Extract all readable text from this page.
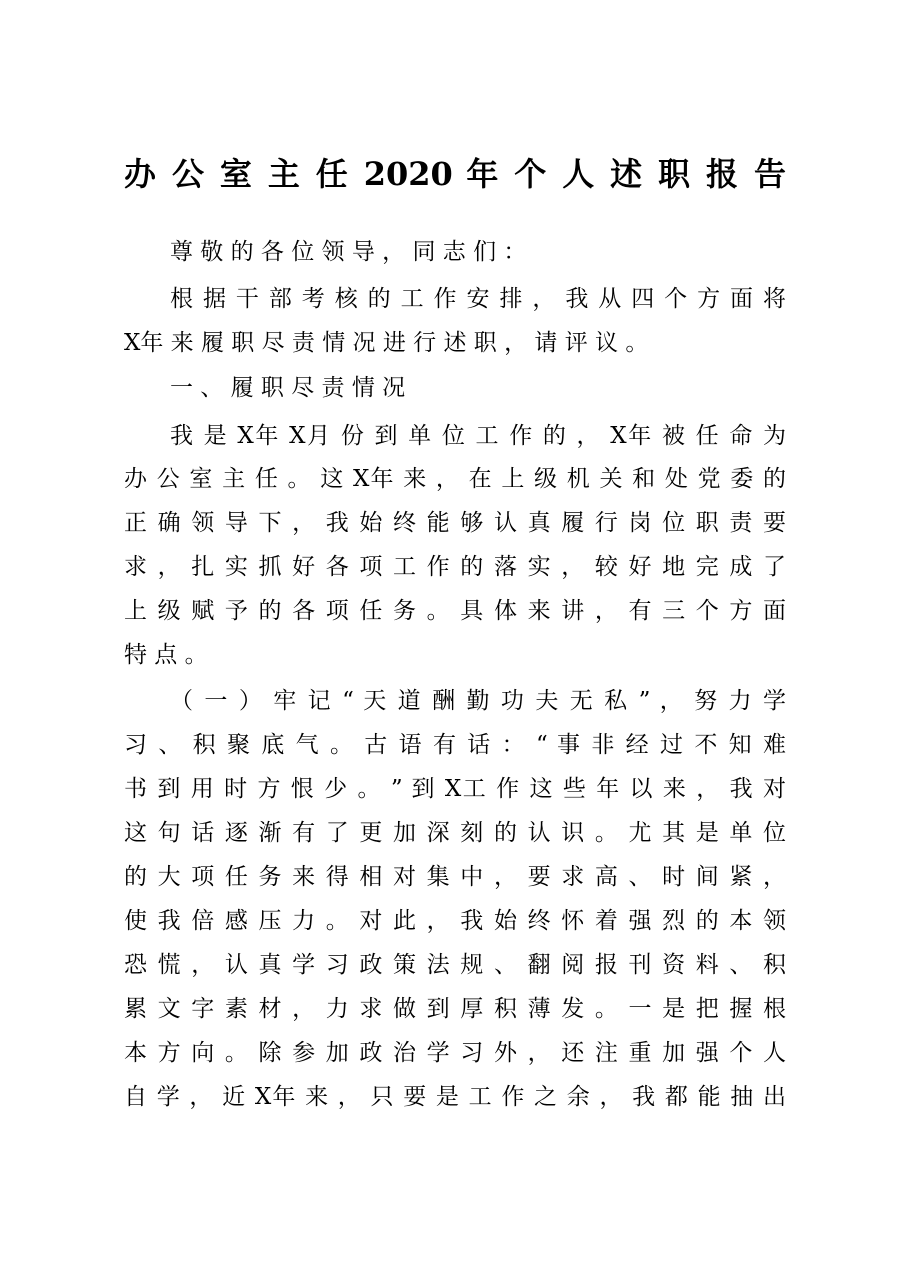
办 公 室 主 任 2020 年 个 人 述 职 报 告

尊 敬 的 各 位 领 导 ， 同 志 们 ：

根 据 干 部 考 核 的 工 作 安 排 ， 我 从 四 个 方 面 将

X年 来 履 职 尽 责 情 况 进 行 述 职 ， 请 评 议 。

一 、 履 职 尽 责 情 况

我 是 X年 X月 份 到 单 位 工 作 的 ， X年 被 任 命 为

办 公 室 主 任 。 这 X年 来 ， 在 上 级 机 关 和 处 党 委 的

正 确 领 导 下 ， 我 始 终 能 够 认 真 履 行 岗 位 职 责 要

求 ， 扎 实 抓 好 各 项 工 作 的 落 实 ， 较 好 地 完 成 了

上 级 赋 予 的 各 项 任 务 。 具 体 来 讲 ， 有 三 个 方 面

特 点 。

（ 一 ） 牢 记 “ 天 道 酬 勤 功 夫 无 私 ” ， 努 力 学

习 、 积 聚 底 气 。 古 语 有 话 ： “ 事 非 经 过 不 知 难

书 到 用 时 方 恨 少 。 ” 到 X工 作 这 些 年 以 来 ， 我 对

这 句 话 逐 渐 有 了 更 加 深 刻 的 认 识 。 尤 其 是 单 位

的 大 项 任 务 来 得 相 对 集 中 ， 要 求 高 、 时 间 紧 ，

使 我 倍 感 压 力 。 对 此 ， 我 始 终 怀 着 强 烈 的 本 领

恐 慌 ， 认 真 学 习 政 策 法 规 、 翻 阅 报 刊 资 料 、 积

累 文 字 素 材 ， 力 求 做 到 厚 积 薄 发 。 一 是 把 握 根

本 方 向 。 除 参 加 政 治 学 习 外 ， 还 注 重 加 强 个 人

自 学 ， 近 X年 来 ， 只 要 是 工 作 之 余 ， 我 都 能 抽 出
